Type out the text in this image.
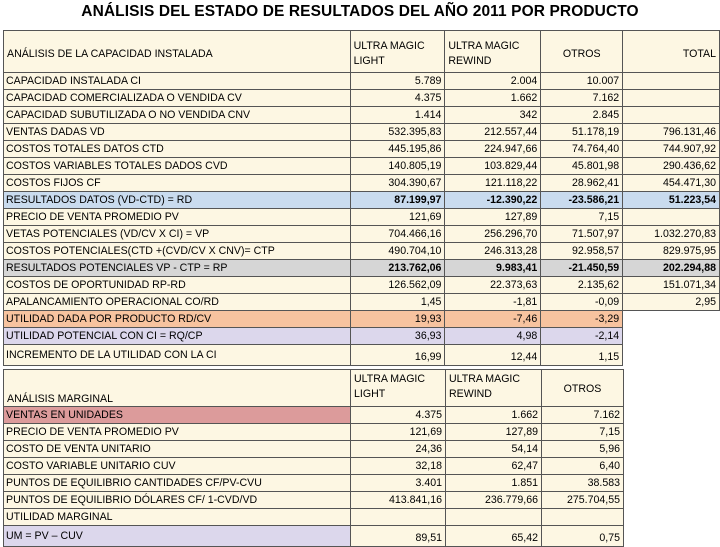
ANÁLISIS DEL ESTADO DE RESULTADOS DEL AÑO 2011 POR PRODUCTO
ANÁLISIS DE LA CAPACIDAD INSTALADA	ULTRA MAGIC LIGHT	ULTRA MAGIC REWIND	OTROS	TOTAL

CAPACIDAD INSTALADA CI	5.789	2.004	10.007	
CAPACIDAD COMERCIALIZADA O VENDIDA CV	4.375	1.662	7.162	
CAPACIDAD SUBUTILIZADA O NO VENDIDA CNV	1.414	342	2.845	
VENTAS DADAS VD	532.395,83	212.557,44	51.178,19	796.131,46
COSTOS TOTALES DATOS CTD	445.195,86	224.947,66	74.764,40	744.907,92
COSTOS VARIABLES TOTALES DADOS CVD	140.805,19	103.829,44	45.801,98	290.436,62
COSTOS FIJOS CF	304.390,67	121.118,22	28.962,41	454.471,30
RESULTADOS DATOS (VD-CTD) = RD	87.199,97	-12.390,22	-23.586,21	51.223,54
PRECIO DE VENTA PROMEDIO PV	121,69	127,89	7,15	
VETAS POTENCIALES (VD/CV X CI) = VP	704.466,16	256.296,70	71.507,97	1.032.270,83
COSTOS POTENCIALES(CTD +(CVD/CV X CNV)= CTP	490.704,10	246.313,28	92.958,57	829.975,95
RESULTADOS POTENCIALES VP - CTP = RP	213.762,06	9.983,41	-21.450,59	202.294,88
COSTOS DE OPORTUNIDAD RP-RD	126.562,09	22.373,63	2.135,62	151.071,34
APALANCAMIENTO OPERACIONAL CO/RD	1,45	-1,81	-0,09	2,95
UTILIDAD DADA POR PRODUCTO RD/CV	19,93	-7,46	-3,29	
UTILIDAD POTENCIAL CON CI = RQ/CP	36,93	4,98	-2,14	
INCREMENTO DE LA UTILIDAD CON LA CI	16,99	12,44	1,15	
ANÁLISIS MARGINAL	ULTRA MAGIC LIGHT	ULTRA MAGIC REWIND	OTROS
VENTAS EN UNIDADES	4.375	1.662	7.162
PRECIO DE VENTA PROMEDIO PV	121,69	127,89	7,15
COSTO DE VENTA UNITARIO	24,36	54,14	5,96
COSTO VARIABLE UNITARIO CUV	32,18	62,47	6,40
PUNTOS DE EQUILIBRIO CANTIDADES CF/PV-CVU	3.401	1.851	38.583
PUNTOS DE EQUILIBRIO DÓLARES CF/ 1-CVD/VD	413.841,16	236.779,66	275.704,55
UTILIDAD MARGINAL			
UM = PV – CUV	89,51	65,42	0,75
